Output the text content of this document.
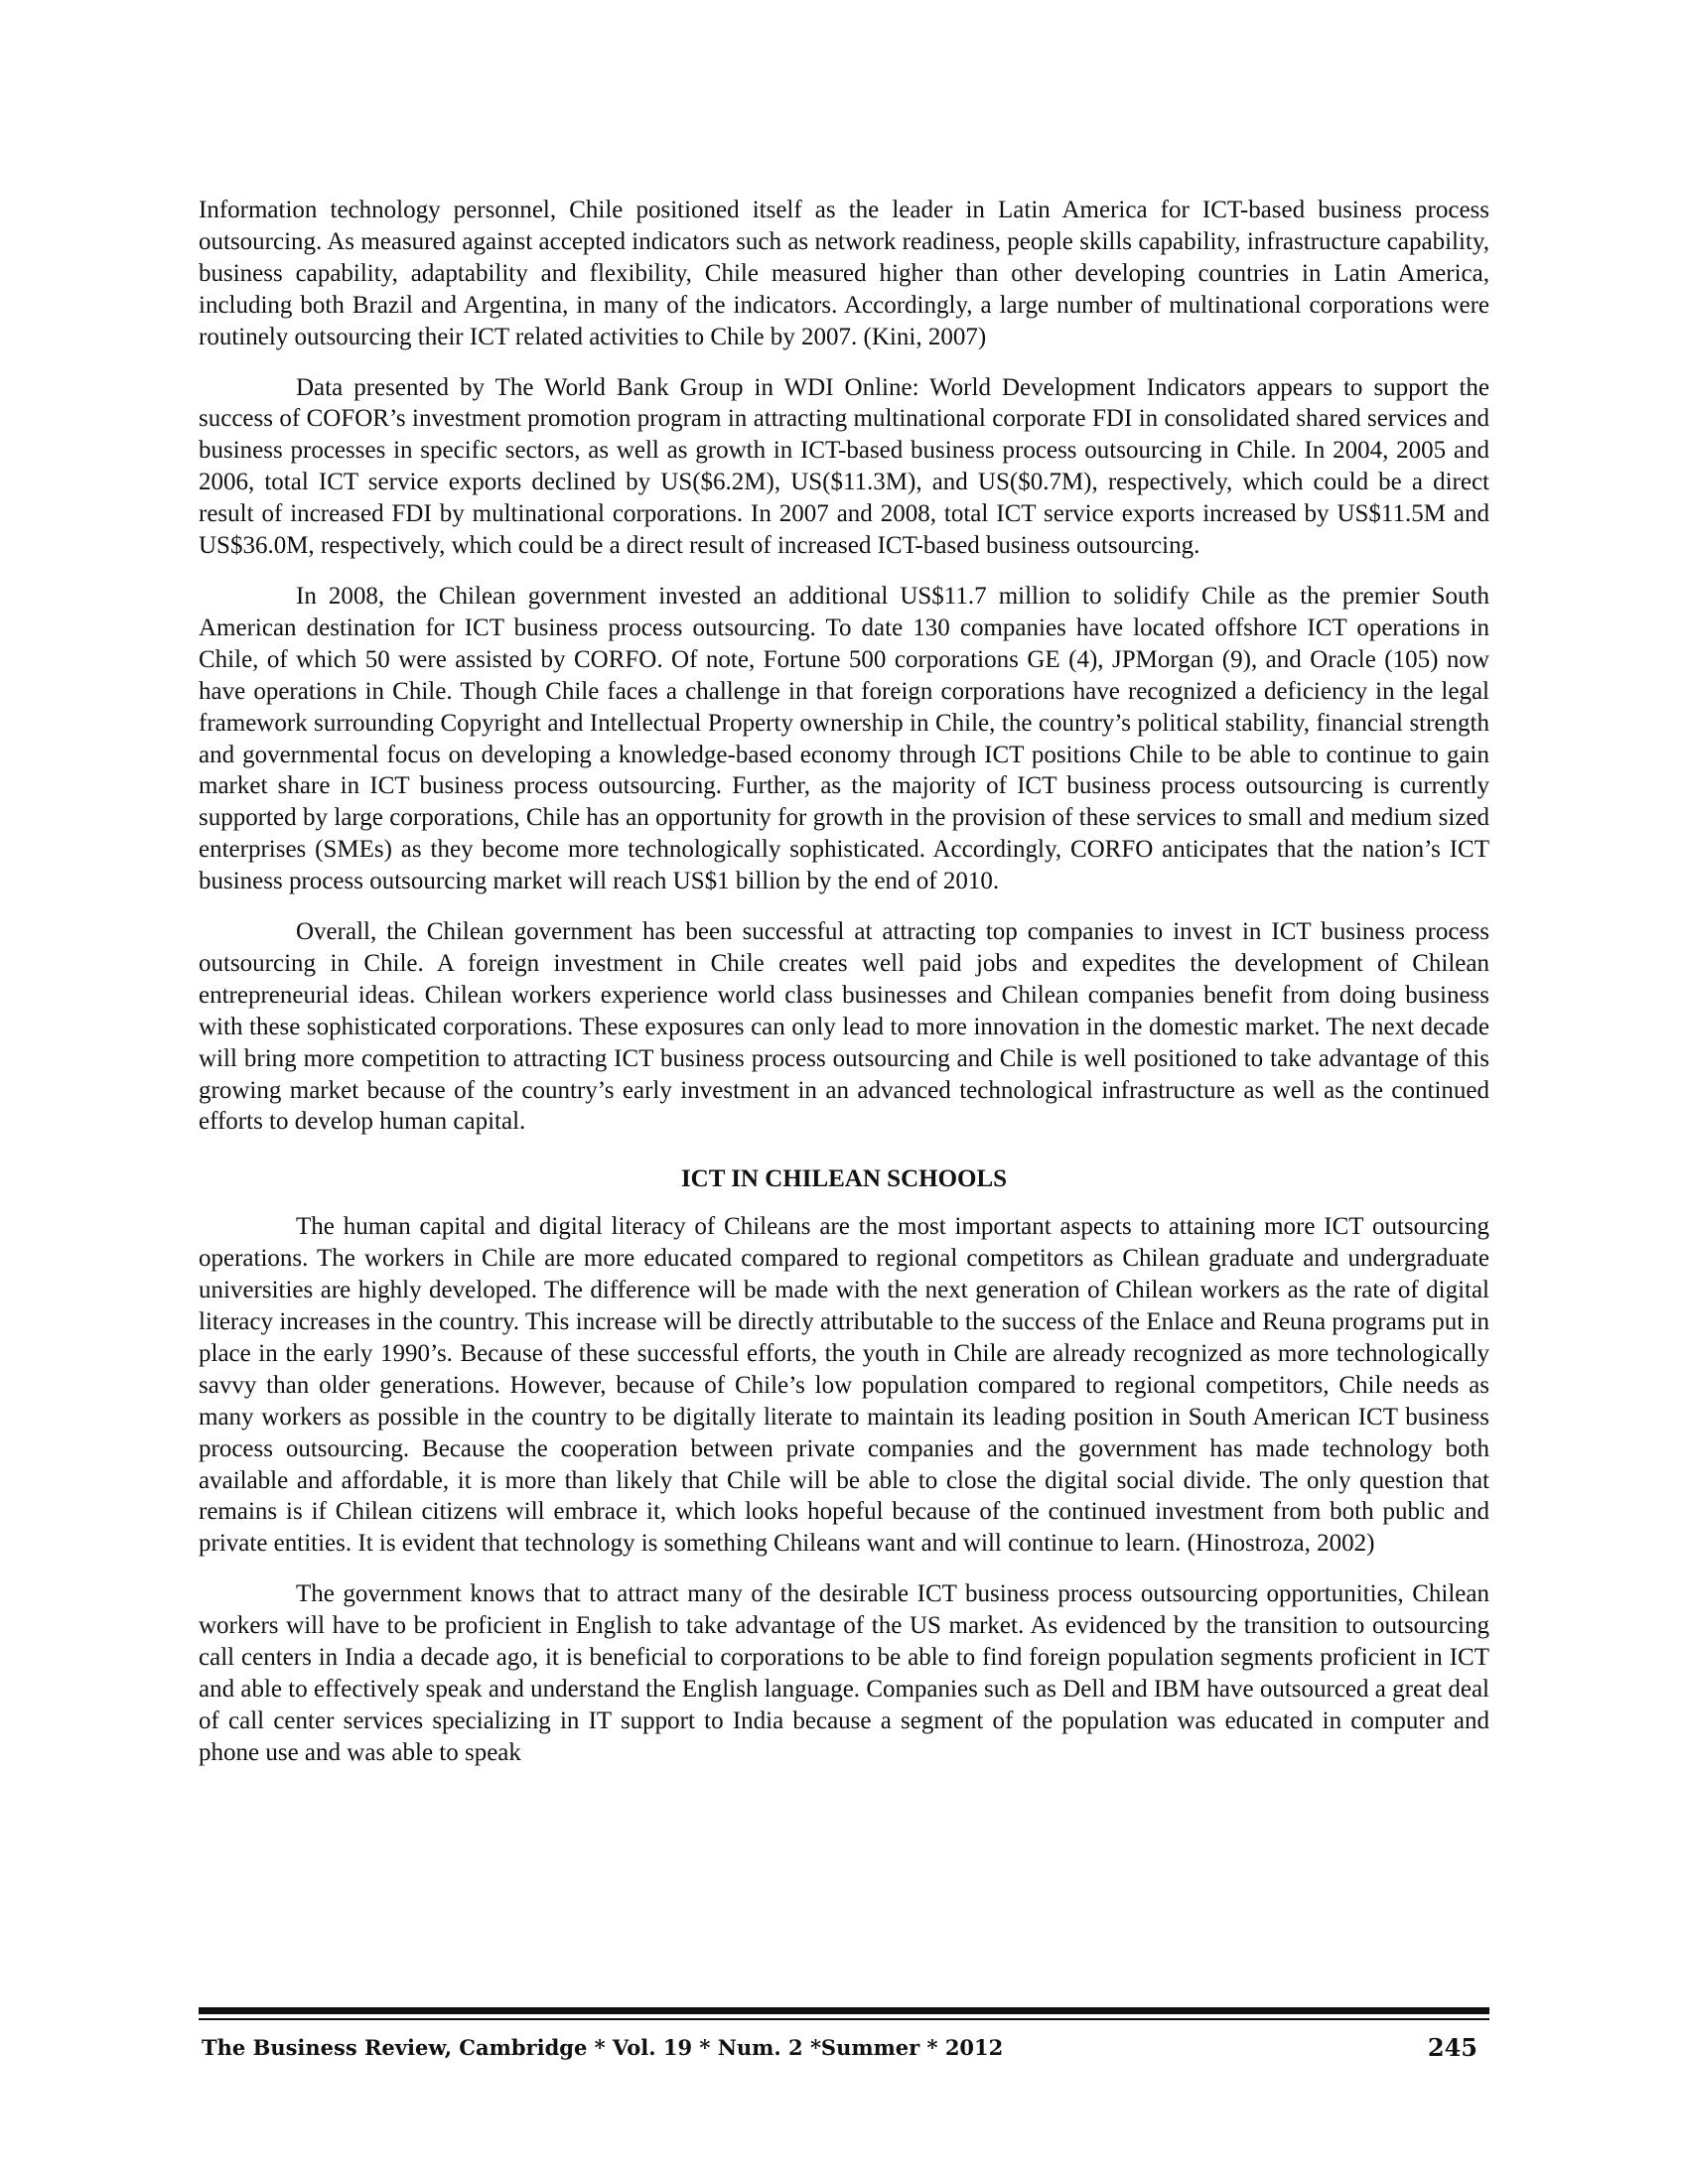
Information technology personnel, Chile positioned itself as the leader in Latin America for ICT-based business process outsourcing. As measured against accepted indicators such as network readiness, people skills capability, infrastructure capability, business capability, adaptability and flexibility, Chile measured higher than other developing countries in Latin America, including both Brazil and Argentina, in many of the indicators. Accordingly, a large number of multinational corporations were routinely outsourcing their ICT related activities to Chile by 2007. (Kini, 2007)

Data presented by The World Bank Group in WDI Online: World Development Indicators appears to support the success of COFOR’s investment promotion program in attracting multinational corporate FDI in consolidated shared services and business processes in specific sectors, as well as growth in ICT-based business process outsourcing in Chile. In 2004, 2005 and 2006, total ICT service exports declined by US($6.2M), US($11.3M), and US($0.7M), respectively, which could be a direct result of increased FDI by multinational corporations. In 2007 and 2008, total ICT service exports increased by US$11.5M and US$36.0M, respectively, which could be a direct result of increased ICT-based business outsourcing.

In 2008, the Chilean government invested an additional US$11.7 million to solidify Chile as the premier South American destination for ICT business process outsourcing. To date 130 companies have located offshore ICT operations in Chile, of which 50 were assisted by CORFO. Of note, Fortune 500 corporations GE (4), JPMorgan (9), and Oracle (105) now have operations in Chile. Though Chile faces a challenge in that foreign corporations have recognized a deficiency in the legal framework surrounding Copyright and Intellectual Property ownership in Chile, the country’s political stability, financial strength and governmental focus on developing a knowledge-based economy through ICT positions Chile to be able to continue to gain market share in ICT business process outsourcing. Further, as the majority of ICT business process outsourcing is currently supported by large corporations, Chile has an opportunity for growth in the provision of these services to small and medium sized enterprises (SMEs) as they become more technologically sophisticated. Accordingly, CORFO anticipates that the nation’s ICT business process outsourcing market will reach US$1 billion by the end of 2010.

Overall, the Chilean government has been successful at attracting top companies to invest in ICT business process outsourcing in Chile. A foreign investment in Chile creates well paid jobs and expedites the development of Chilean entrepreneurial ideas. Chilean workers experience world class businesses and Chilean companies benefit from doing business with these sophisticated corporations. These exposures can only lead to more innovation in the domestic market. The next decade will bring more competition to attracting ICT business process outsourcing and Chile is well positioned to take advantage of this growing market because of the country’s early investment in an advanced technological infrastructure as well as the continued efforts to develop human capital.

ICT IN CHILEAN SCHOOLS

The human capital and digital literacy of Chileans are the most important aspects to attaining more ICT outsourcing operations. The workers in Chile are more educated compared to regional competitors as Chilean graduate and undergraduate universities are highly developed. The difference will be made with the next generation of Chilean workers as the rate of digital literacy increases in the country. This increase will be directly attributable to the success of the Enlace and Reuna programs put in place in the early 1990’s. Because of these successful efforts, the youth in Chile are already recognized as more technologically savvy than older generations. However, because of Chile’s low population compared to regional competitors, Chile needs as many workers as possible in the country to be digitally literate to maintain its leading position in South American ICT business process outsourcing. Because the cooperation between private companies and the government has made technology both available and affordable, it is more than likely that Chile will be able to close the digital social divide. The only question that remains is if Chilean citizens will embrace it, which looks hopeful because of the continued investment from both public and private entities. It is evident that technology is something Chileans want and will continue to learn. (Hinostroza, 2002)

The government knows that to attract many of the desirable ICT business process outsourcing opportunities, Chilean workers will have to be proficient in English to take advantage of the US market. As evidenced by the transition to outsourcing call centers in India a decade ago, it is beneficial to corporations to be able to find foreign population segments proficient in ICT and able to effectively speak and understand the English language. Companies such as Dell and IBM have outsourced a great deal of call center services specializing in IT support to India because a segment of the population was educated in computer and phone use and was able to speak

The Business Review, Cambridge * Vol. 19 * Num. 2 *Summer * 2012	245
